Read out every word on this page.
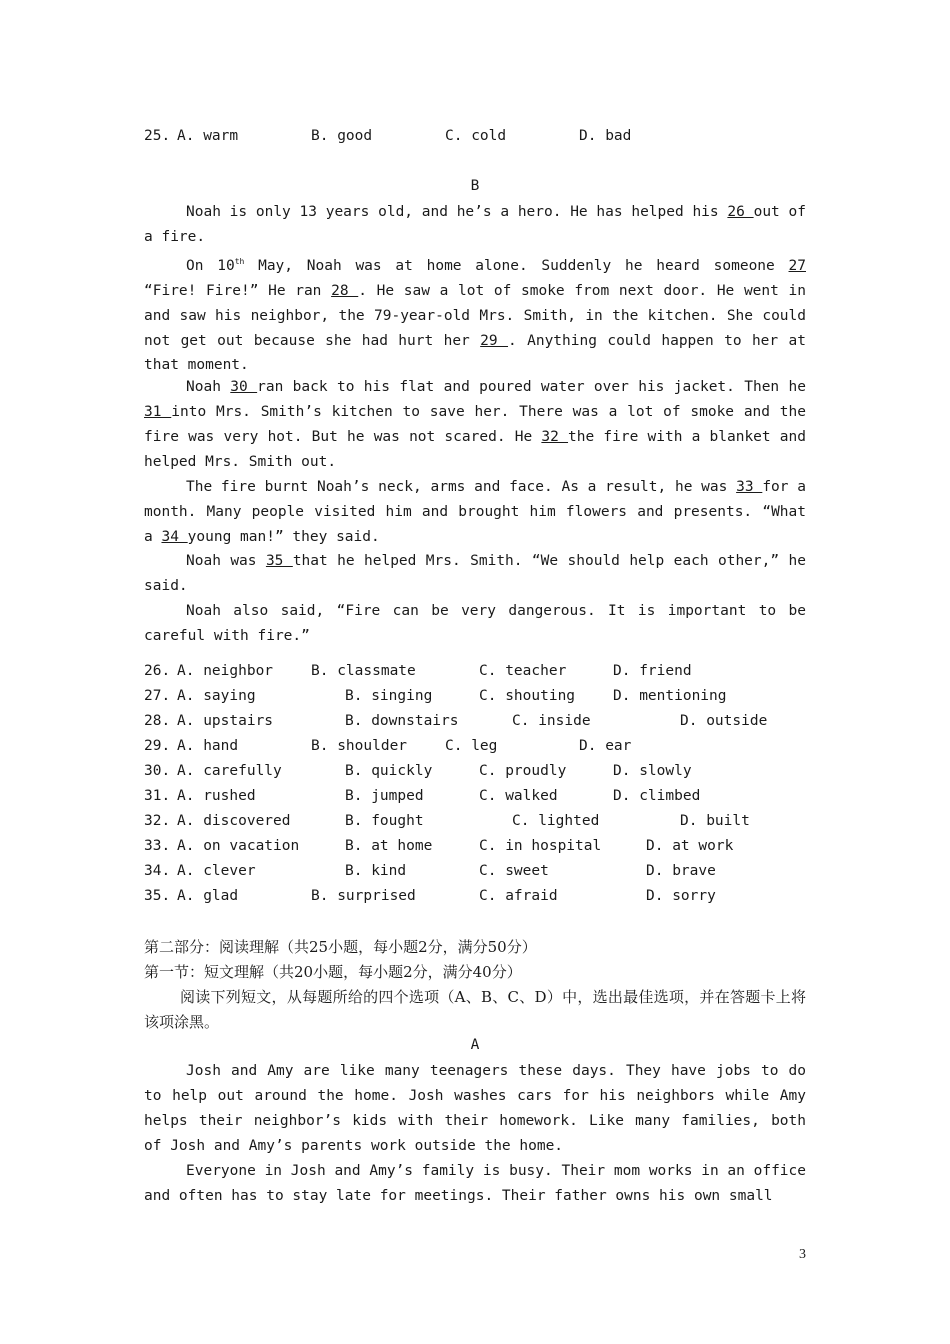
25. A. warm	B. good	C. cold	D. bad
B
Noah is only 13 years old, and he’s a hero. He has helped his 26 out of a fire.
On 10th May, Noah was at home alone. Suddenly he heard someone 27 “Fire! Fire!” He ran 28 . He saw a lot of smoke from next door. He went in and saw his neighbor, the 79-year-old Mrs. Smith, in the kitchen. She could not get out because she had hurt her 29 . Anything could happen to her at that moment.
Noah 30 ran back to his flat and poured water over his jacket. Then he 31 into Mrs. Smith’s kitchen to save her. There was a lot of smoke and the fire was very hot. But he was not scared. He 32 the fire with a blanket and helped Mrs. Smith out.
The fire burnt Noah’s neck, arms and face. As a result, he was 33 for a month. Many people visited him and brought him flowers and presents. “What a 34 young man!” they said.
Noah was 35 that he helped Mrs. Smith. “We should help each other,” he said.
Noah also said, “Fire can be very dangerous. It is important to be careful with fire.”
26. A. neighbor	B. classmate	C. teacher	D. friend
27. A. saying	B. singing	C. shouting	D. mentioning
28. A. upstairs	B. downstairs	C. inside	D. outside
29. A. hand	B. shoulder	C. leg	D. ear
30. A. carefully	B. quickly	C. proudly	D. slowly
31. A. rushed	B. jumped	C. walked	D. climbed
32. A. discovered	B. fought	C. lighted	D. built
33. A. on vacation	B. at home	C. in hospital	D. at work
34. A. clever	B. kind	C. sweet	D. brave
35. A. glad	B. surprised	C. afraid	D. sorry
第二部分：阅读理解（共25小题，每小题2分，满分50分）
第一节：短文理解（共20小题，每小题2分，满分40分）
阅读下列短文，从每题所给的四个选项（A、B、C、D）中，选出最佳选项，并在答题卡上将该项涂黑。
A
Josh and Amy are like many teenagers these days. They have jobs to do to help out around the home. Josh washes cars for his neighbors while Amy helps their neighbor’s kids with their homework. Like many families, both of Josh and Amy’s parents work outside the home.
Everyone in Josh and Amy’s family is busy. Their mom works in an office and often has to stay late for meetings. Their father owns his own small
3
